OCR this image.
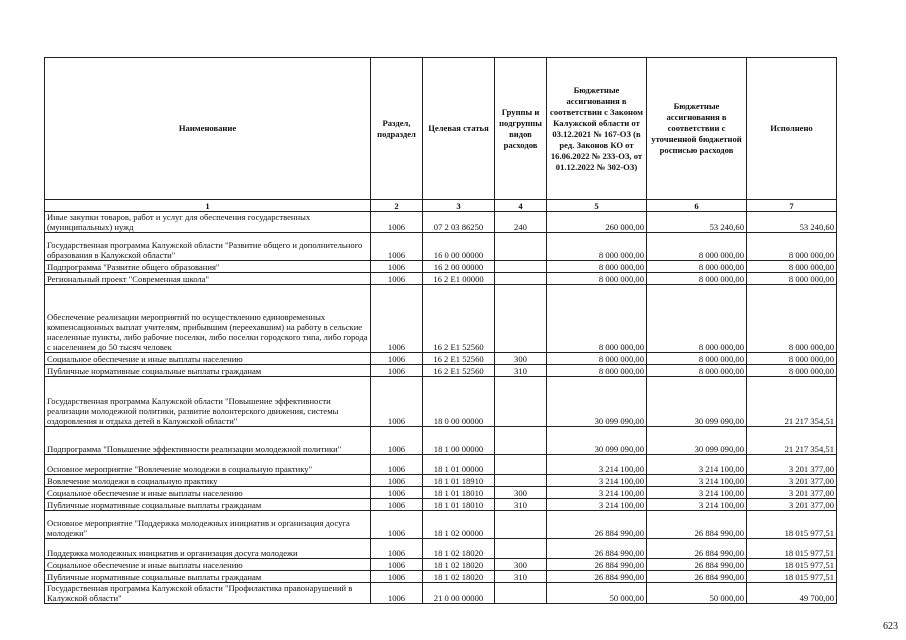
Наименование	Раздел, подраздел	Целевая статья	Группы и подгруппы видов расходов	Бюджетные ассигнования в соответствии с Законом Калужской области от 03.12.2021 № 167-ОЗ (в ред. Законов КО от 16.06.2022 № 233-ОЗ, от 01.12.2022 № 302-ОЗ)	Бюджетные ассигнования в соответствии с уточненной бюджетной росписью расходов	Исполнено
1	2	3	4	5	6	7
Иные закупки товаров, работ и услуг для обеспечения государственных (муниципальных) нужд	1006	07 2 03 86250	240	260 000,00	53 240,60	53 240,60
Государственная программа Калужской области "Развитие общего и дополнительного образования в Калужской области"	1006	16 0 00 00000		8 000 000,00	8 000 000,00	8 000 000,00
Подпрограмма "Развитие общего образования"	1006	16 2 00 00000		8 000 000,00	8 000 000,00	8 000 000,00
Региональный проект "Современная школа"	1006	16 2 E1 00000		8 000 000,00	8 000 000,00	8 000 000,00
Обеспечение реализации мероприятий по осуществлению единовременных компенсационных выплат учителям, прибывшим (переехавшим) на работу в сельские населенные пункты, либо рабочие поселки, либо поселки городского типа, либо города с населением до 50 тысяч человек	1006	16 2 E1 52560		8 000 000,00	8 000 000,00	8 000 000,00
Социальное обеспечение и иные выплаты населению	1006	16 2 E1 52560	300	8 000 000,00	8 000 000,00	8 000 000,00
Публичные нормативные социальные выплаты гражданам	1006	16 2 E1 52560	310	8 000 000,00	8 000 000,00	8 000 000,00
Государственная программа Калужской области "Повышение эффективности реализации молодежной политики, развитие волонтерского движения, системы оздоровления и отдыха детей в Калужской области"	1006	18 0 00 00000		30 099 090,00	30 099 090,00	21 217 354,51
Подпрограмма "Повышение эффективности реализации молодежной политики"	1006	18 1 00 00000		30 099 090,00	30 099 090,00	21 217 354,51
Основное мероприятие "Вовлечение молодежи в социальную практику"	1006	18 1 01 00000		3 214 100,00	3 214 100,00	3 201 377,00
Вовлечение молодежи в социальную практику	1006	18 1 01 18910		3 214 100,00	3 214 100,00	3 201 377,00
Социальное обеспечение и иные выплаты населению	1006	18 1 01 18010	300	3 214 100,00	3 214 100,00	3 201 377,00
Публичные нормативные социальные выплаты гражданам	1006	18 1 01 18010	310	3 214 100,00	3 214 100,00	3 201 377,00
Основное мероприятие "Поддержка молодежных инициатив и организация досуга молодежи"	1006	18 1 02 00000		26 884 990,00	26 884 990,00	18 015 977,51
Поддержка молодежных инициатив и организация досуга молодежи	1006	18 1 02 18020		26 884 990,00	26 884 990,00	18 015 977,51
Социальное обеспечение и иные выплаты населению	1006	18 1 02 18020	300	26 884 990,00	26 884 990,00	18 015 977,51
Публичные нормативные социальные выплаты гражданам	1006	18 1 02 18020	310	26 884 990,00	26 884 990,00	18 015 977,51
Государственная программа Калужской области "Профилактика правонарушений в Калужской области"	1006	21 0 00 00000		50 000,00	50 000,00	49 700,00
623
